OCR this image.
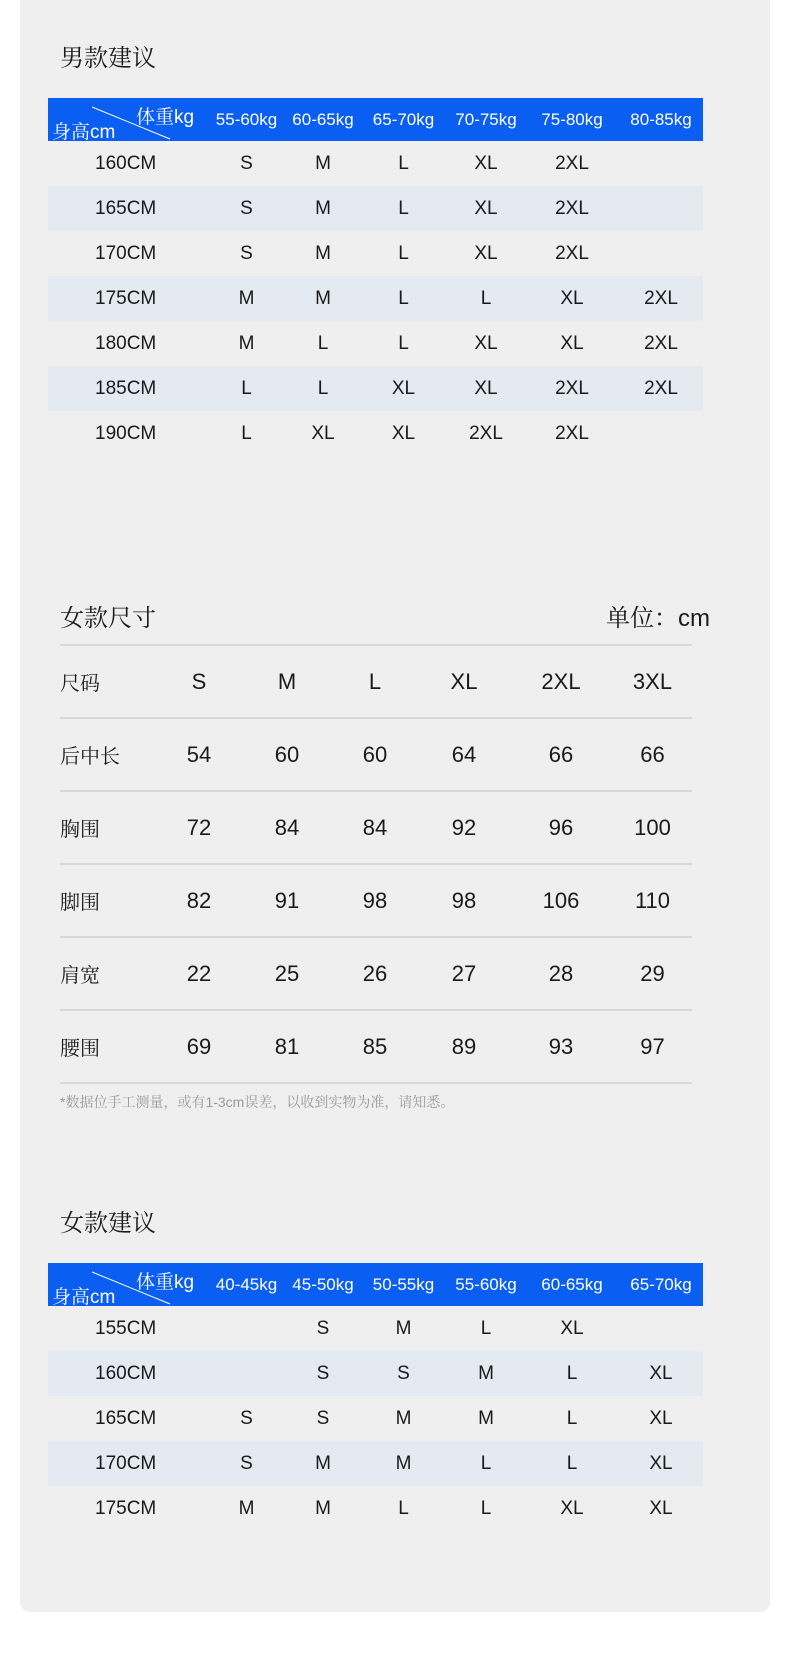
男款建议
体重kg
身高cm	55-60kg	60-65kg	65-70kg	70-75kg	75-80kg	80-85kg
160CM	S	M	L	XL	2XL	
165CM	S	M	L	XL	2XL	
170CM	S	M	L	XL	2XL	
175CM	M	M	L	L	XL	2XL
180CM	M	L	L	XL	XL	2XL
185CM	L	L	XL	XL	2XL	2XL
190CM	L	XL	XL	2XL	2XL	
女款尺寸	单位：cm
尺码	S	M	L	XL	2XL	3XL
后中长	54	60	60	64	66	66
胸围	72	84	84	92	96	100
脚围	82	91	98	98	106	110
肩宽	22	25	26	27	28	29
腰围	69	81	85	89	93	97
*数据位手工测量，或有1-3cm误差，以收到实物为准，请知悉。
女款建议
体重kg
身高cm	40-45kg	45-50kg	50-55kg	55-60kg	60-65kg	65-70kg
155CM		S	M	L	XL	
160CM		S	S	M	L	XL
165CM	S	S	M	M	L	XL
170CM	S	M	M	L	L	XL
175CM	M	M	L	L	XL	XL
